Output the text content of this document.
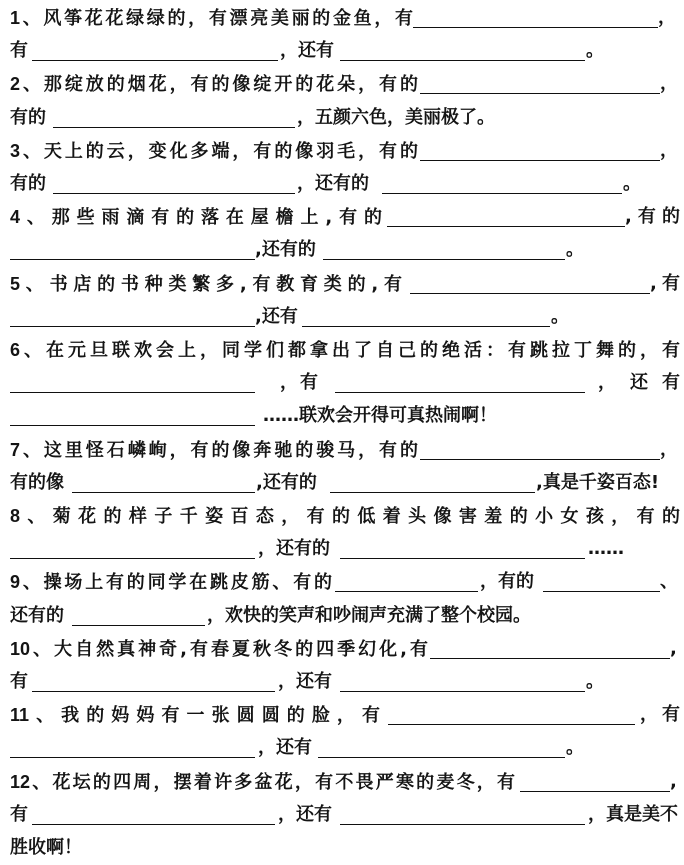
1、风筝花花绿绿的，有漂亮美丽的金鱼，有	，
有	，还有	。
2、那绽放的烟花，有的像绽开的花朵，有的	，
有的	，五颜六色，美丽极了。
3、天上的云，变化多端，有的像羽毛，有的	，
有的	，还有的	。
4、那些雨滴有的落在屋檐上,有的	,有的
,还有的	。
5、书店的书种类繁多,有教育类的,有	,有
,还有	。
6、在元旦联欢会上，同学们都拿出了自己的绝活：有跳拉丁舞的，有
， 有	， 还有
……联欢会开得可真热闹啊！
7、这里怪石嶙峋，有的像奔驰的骏马，有的	，
有的像	,还有的	,真是千姿百态!
8、菊花的样子千姿百态，有的低着头像害羞的小女孩，有的
，还有的	……
9、操场上有的同学在跳皮筋、有的	，有的	、
还有的	，欢快的笑声和吵闹声充满了整个校园。
10、大自然真神奇,有春夏秋冬的四季幻化,有	,
有	，还有	。
11、我的妈妈有一张圆圆的脸，有	，有
，还有	。
12、花坛的四周，摆着许多盆花，有不畏严寒的麦冬，有	,
有	，还有	，真是美不
胜收啊！
